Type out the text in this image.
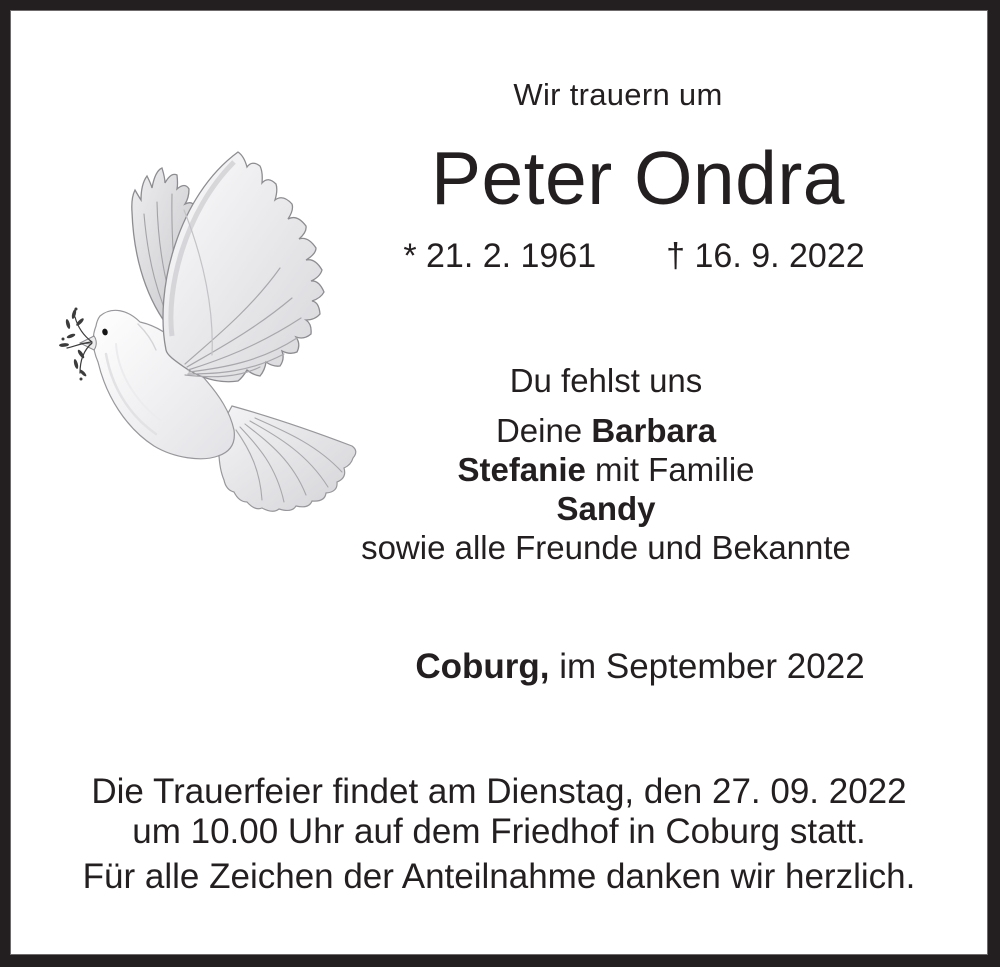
Wir trauern um
Peter Ondra
* 21. 2. 1961 † 16. 9. 2022
Du fehlst uns
Deine Barbara
Stefanie mit Familie
Sandy
sowie alle Freunde und Bekannte
Coburg, im September 2022
Die Trauerfeier findet am Dienstag, den 27. 09. 2022
um 10.00 Uhr auf dem Friedhof in Coburg statt.
Für alle Zeichen der Anteilnahme danken wir herzlich.
